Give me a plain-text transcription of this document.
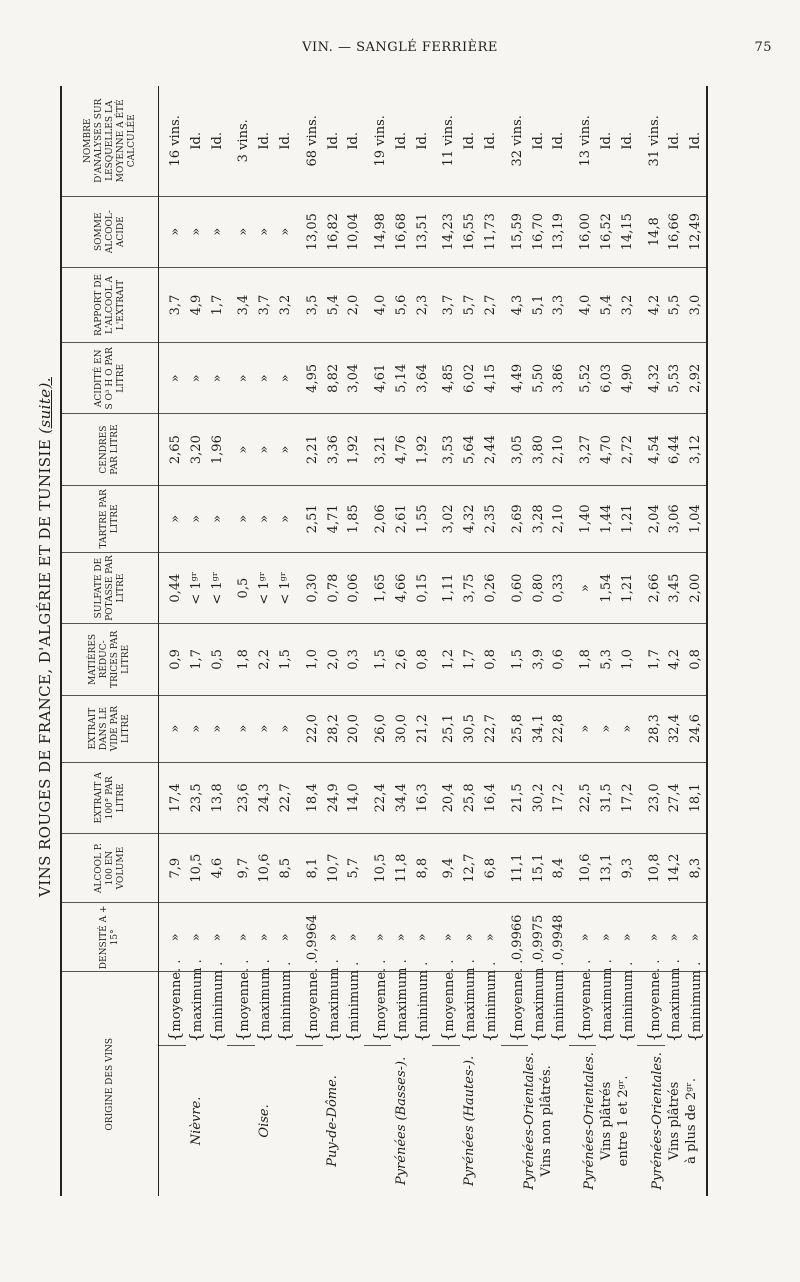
VIN. — SANGLÉ FERRIÈRE	75
VINS ROUGES DE FRANCE, D'ALGÉRIE ET DE TUNISIE (suite).
ORIGINE DES VINS		DENSITÉ A + 15°	ALCOOL P. 100 EN VOLUME	EXTRAIT A 100° PAR LITRE	EXTRAIT DANS LE VIDE PAR LITRE	MATIÈRES RÉDUC-TRICES PAR LITRE	SULFATE DE POTASSE PAR LITRE	TARTRE PAR LITRE	CENDRES PAR LITRE	ACIDITÉ EN S O³ H O PAR LITRE	RAPPORT DE L'ALCOOL A L'EXTRAIT	SOMME ALCOOL-ACIDE	NOMBRE D'ANALYSES SUR LESQUELLES LA MOYENNE A ÉTÉ CALCULÉE

Nièvre.	{moyenne. .	»	7,9	17,4	»	0,9	0,44	»	2,65	»	3,7	»	16 vins.
	{maximum .	»	10,5	23,5	»	1,7	< 1ᵍʳ	»	3,20	»	4,9	»	Id.
	{minimum .	»	4,6	13,8	»	0,5	< 1ᵍʳ	»	1,96	»	1,7	»	Id.

Oise.	{moyenne. .	»	9,7	23,6	»	1,8	0,5	»	»	»	3,4	»	3 vins.
	{maximum .	»	10,6	24,3	»	2,2	< 1ᵍʳ	»	»	»	3,7	»	Id.
	{minimum .	»	8,5	22,7	»	1,5	< 1ᵍʳ	»	»	»	3,2	»	Id.

Puy-de-Dôme.	{moyenne. .	0,9964	8,1	18,4	22,0	1,0	0,30	2,51	2,21	4,95	3,5	13,05	68 vins.
	{maximum .	»	10,7	24,9	28,2	2,0	0,78	4,71	3,36	8,82	5,4	16,82	Id.
	{minimum .	»	5,7	14,0	20,0	0,3	0,06	1,85	1,92	3,04	2,0	10,04	Id.

Pyrénées (Basses-).	{moyenne. .	»	10,5	22,4	26,0	1,5	1,65	2,06	3,21	4,61	4,0	14,98	19 vins.
	{maximum .	»	11,8	34,4	30,0	2,6	4,66	2,61	4,76	5,14	5,6	16,68	Id.
	{minimum .	»	8,8	16,3	21,2	0,8	0,15	1,55	1,92	3,64	2,3	13,51	Id.

Pyrénées (Hautes-).	{moyenne. .	»	9,4	20,4	25,1	1,2	1,11	3,02	3,53	4,85	3,7	14,23	11 vins.
	{maximum .	»	12,7	25,8	30,5	1,7	3,75	4,32	5,64	6,02	5,7	16,55	Id.
	{minimum .	»	6,8	16,4	22,7	0,8	0,26	2,35	2,44	4,15	2,7	11,73	Id.

Pyrénées-Orientales. Vins non plâtrés.	{moyenne. .	0,9966	11,1	21,5	25,8	1,5	0,60	2,69	3,05	4,49	4,3	15,59	32 vins.
	{maximum .	0,9975	15,1	30,2	34,1	3,9	0,80	3,28	3,80	5,50	5,1	16,70	Id.
	{minimum .	0,9948	8,4	17,2	22,8	0,6	0,33	2,10	2,10	3,86	3,3	13,19	Id.

Pyrénées-Orientales. Vins plâtrés entre 1 et 2ᵍʳ.	{moyenne. .	»	10,6	22,5	»	1,8	»	1,40	3,27	5,52	4,0	16,00	13 vins.
	{maximum .	»	13,1	31,5	»	5,3	1,54	1,44	4,70	6,03	5,4	16,52	Id.
	{minimum .	»	9,3	17,2	»	1,0	1,21	1,21	2,72	4,90	3,2	14,15	Id.

Pyrénées-Orientales. Vins plâtrés à plus de 2ᵍʳ.	{moyenne. .	»	10,8	23,0	28,3	1,7	2,66	2,04	4,54	4,32	4,2	14,8	31 vins.
	{maximum .	»	14,2	27,4	32,4	4,2	3,45	3,06	6,44	5,53	5,5	16,66	Id.
	{minimum .	»	8,3	18,1	24,6	0,8	2,00	1,04	3,12	2,92	3,0	12,49	Id.
